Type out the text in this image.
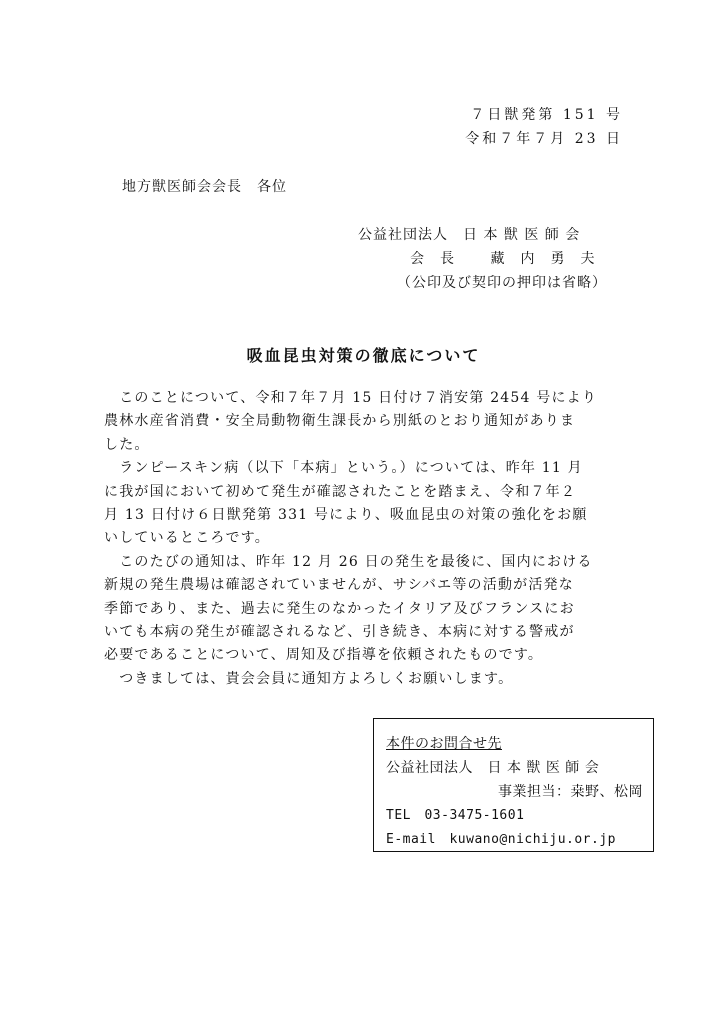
７日獣発第 151 号
令和７年７月 23 日
地方獣医師会会長　各位
公益社団法人　日 本 獣 医 師 会
会　長　　 藏　内　勇　夫
（公印及び契印の押印は省略）
吸血昆虫対策の徹底について
　このことについて、令和７年７月 15 日付け７消安第 2454 号により
農林水産省消費・安全局動物衛生課長から別紙のとおり通知がありま
した。
　ランピースキン病（以下「本病」という。）については、昨年 11 月
に我が国において初めて発生が確認されたことを踏まえ、令和７年２
月 13 日付け６日獣発第 331 号により、吸血昆虫の対策の強化をお願
いしているところです。
　このたびの通知は、昨年 12 月 26 日の発生を最後に、国内における
新規の発生農場は確認されていませんが、サシバエ等の活動が活発な
季節であり、また、過去に発生のなかったイタリア及びフランスにお
いても本病の発生が確認されるなど、引き続き、本病に対する警戒が
必要であることについて、周知及び指導を依頼されたものです。
　つきましては、貴会会員に通知方よろしくお願いします。
本件のお問合せ先
公益社団法人　日 本 獣 医 師 会
事業担当：桒野、松岡
TEL　03-3475-1601
E-mail　kuwano@nichiju.or.jp
